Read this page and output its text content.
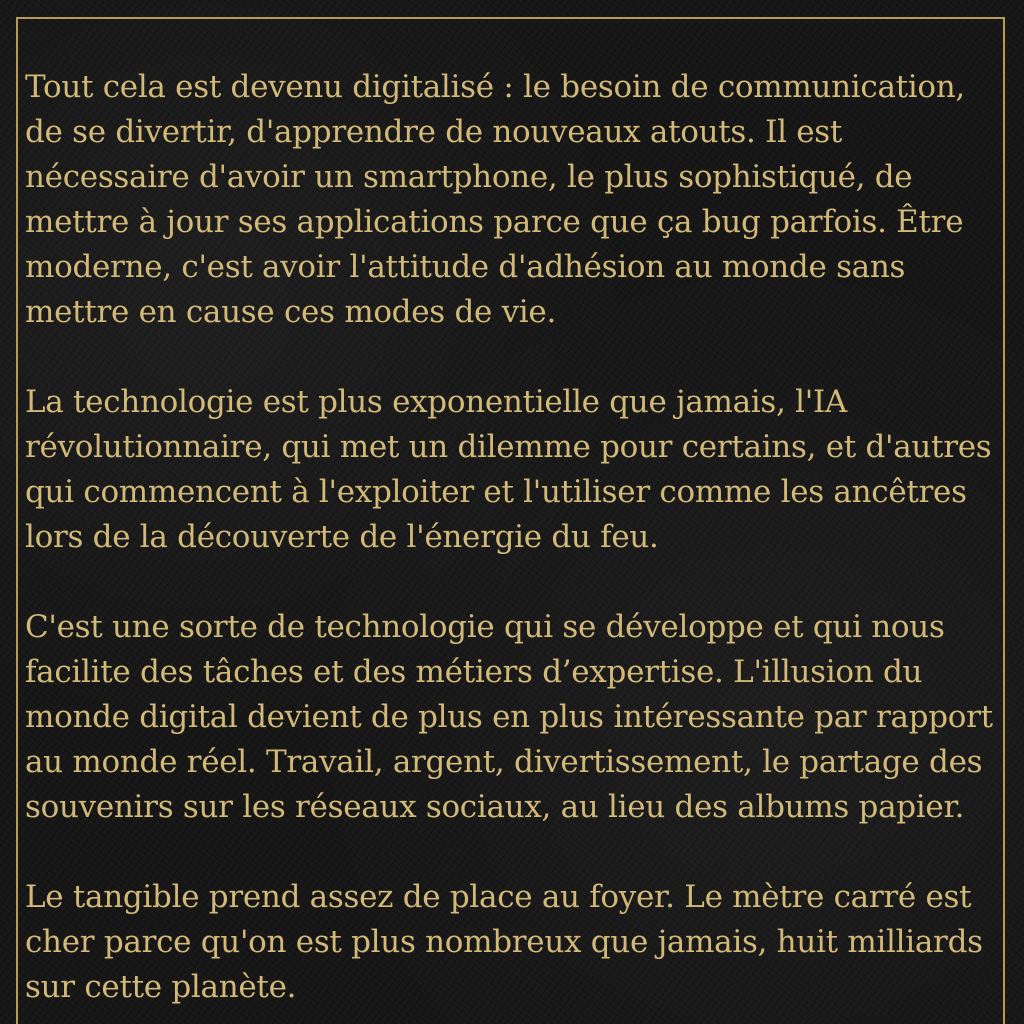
Tout cela est devenu digitalisé : le besoin de communication,
de se divertir, d'apprendre de nouveaux atouts. Il est
nécessaire d'avoir un smartphone, le plus sophistiqué, de
mettre à jour ses applications parce que ça bug parfois. Être
moderne, c'est avoir l'attitude d'adhésion au monde sans
mettre en cause ces modes de vie.

La technologie est plus exponentielle que jamais, l'IA
révolutionnaire, qui met un dilemme pour certains, et d'autres
qui commencent à l'exploiter et l'utiliser comme les ancêtres
lors de la découverte de l'énergie du feu.

C'est une sorte de technologie qui se développe et qui nous
facilite des tâches et des métiers d’expertise. L'illusion du
monde digital devient de plus en plus intéressante par rapport
au monde réel. Travail, argent, divertissement, le partage des
souvenirs sur les réseaux sociaux, au lieu des albums papier.

Le tangible prend assez de place au foyer. Le mètre carré est
cher parce qu'on est plus nombreux que jamais, huit milliards
sur cette planète.
